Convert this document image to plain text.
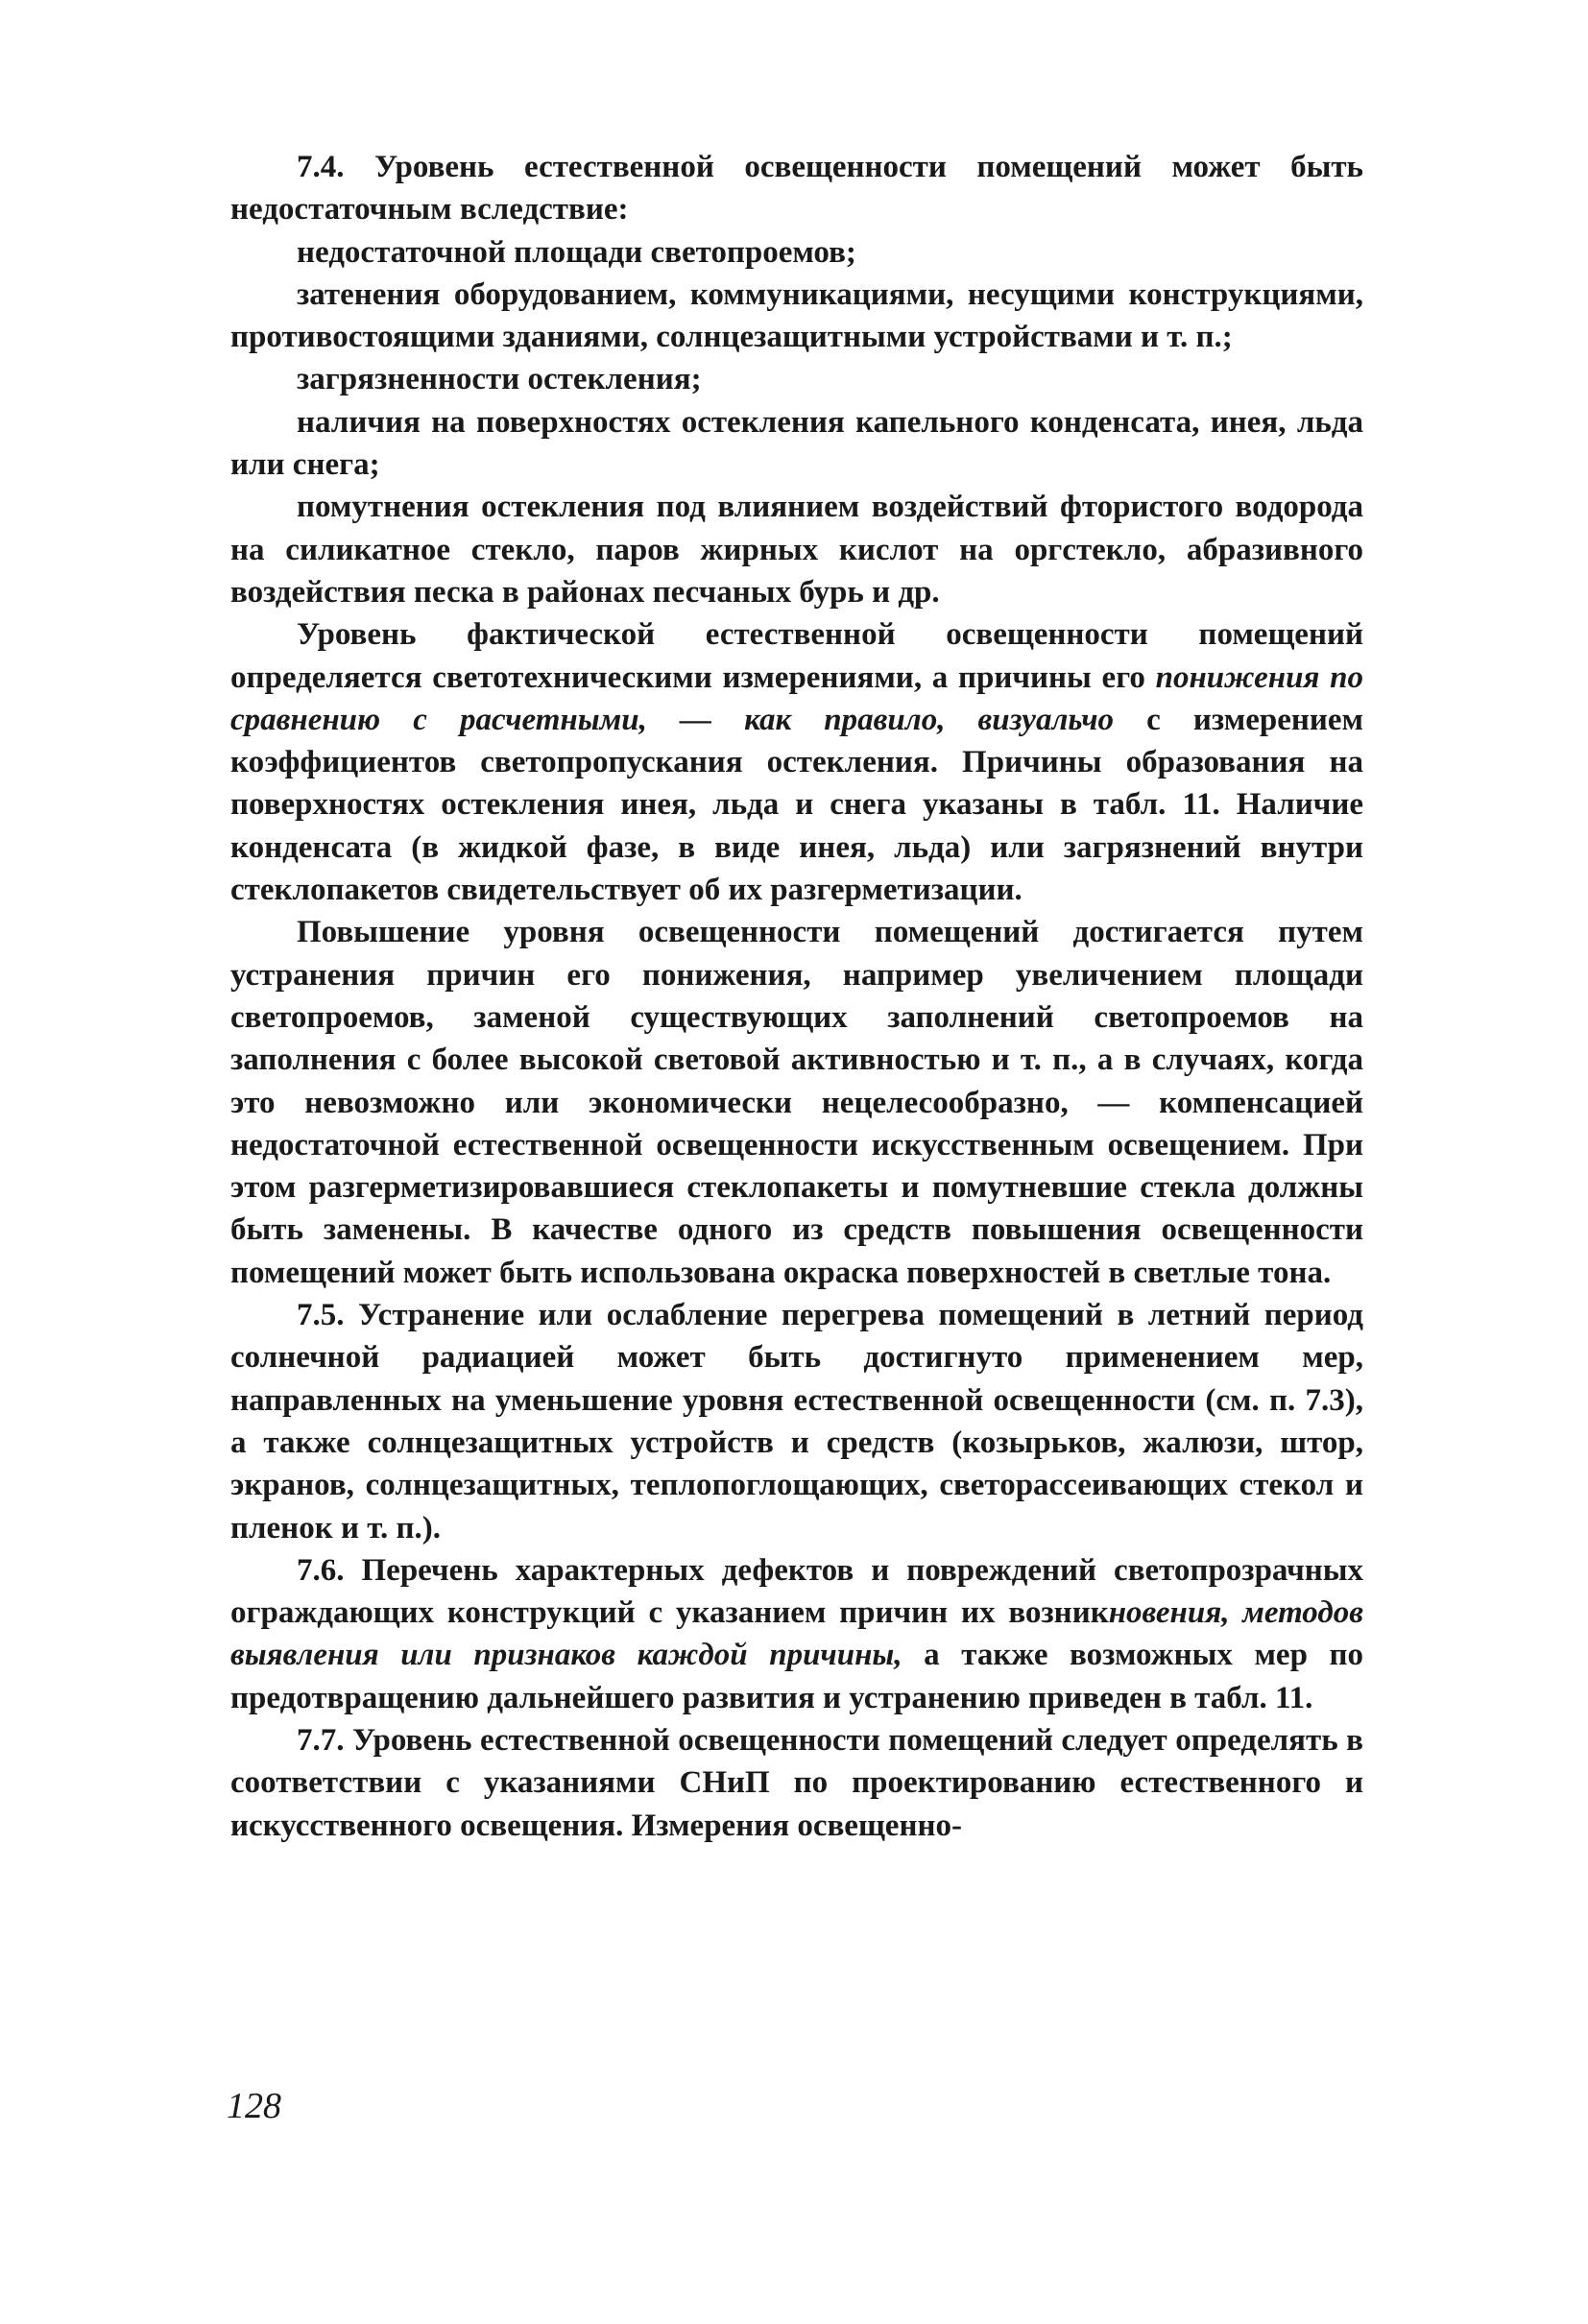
7.4. Уровень естественной освещенности помещений может быть недостаточным вследствие:

недостаточной площади светопроемов;

затенения оборудованием, коммуникациями, несущими конструкциями, противостоящими зданиями, солнцезащитными устройствами и т. п.;

загрязненности остекления;

наличия на поверхностях остекления капельного конденсата, инея, льда или снега;

помутнения остекления под влиянием воздействий фтористого водорода на силикатное стекло, паров жирных кислот на оргстекло, абразивного воздействия песка в районах песчаных бурь и др.

Уровень фактической естественной освещенности помещений определяется светотехническими измерениями, а причины его понижения по сравнению с расчетными, — как правило, визуальчо с измерением коэффициентов светопропускания остекления. Причины образования на поверхностях остекления инея, льда и снега указаны в табл. 11. Наличие конденсата (в жидкой фазе, в виде инея, льда) или загрязнений внутри стеклопакетов свидетельствует об их разгерметизации.

Повышение уровня освещенности помещений достигается путем устранения причин его понижения, например увеличением площади светопроемов, заменой существующих заполнений светопроемов на заполнения с более высокой световой активностью и т. п., а в случаях, когда это невозможно или экономически нецелесообразно, — компенсацией недостаточной естественной освещенности искусственным освещением. При этом разгерметизировавшиеся стеклопакеты и помутневшие стекла должны быть заменены. В качестве одного из средств повышения освещенности помещений может быть использована окраска поверхностей в светлые тона.

7.5. Устранение или ослабление перегрева помещений в летний период солнечной радиацией может быть достигнуто применением мер, направленных на уменьшение уровня естественной освещенности (см. п. 7.3), а также солнцезащитных устройств и средств (козырьков, жалюзи, штор, экранов, солнцезащитных, теплопоглощающих, светорассеивающих стекол и пленок и т. п.).

7.6. Перечень характерных дефектов и повреждений светопрозрачных ограждающих конструкций с указанием причин их возникновения, методов выявления или признаков каждой причины, а также возможных мер по предотвращению дальнейшего развития и устранению приведен в табл. 11.

7.7. Уровень естественной освещенности помещений следует определять в соответствии с указаниями СНиП по проектированию естественного и искусственного освещения. Измерения освещенно-

128
